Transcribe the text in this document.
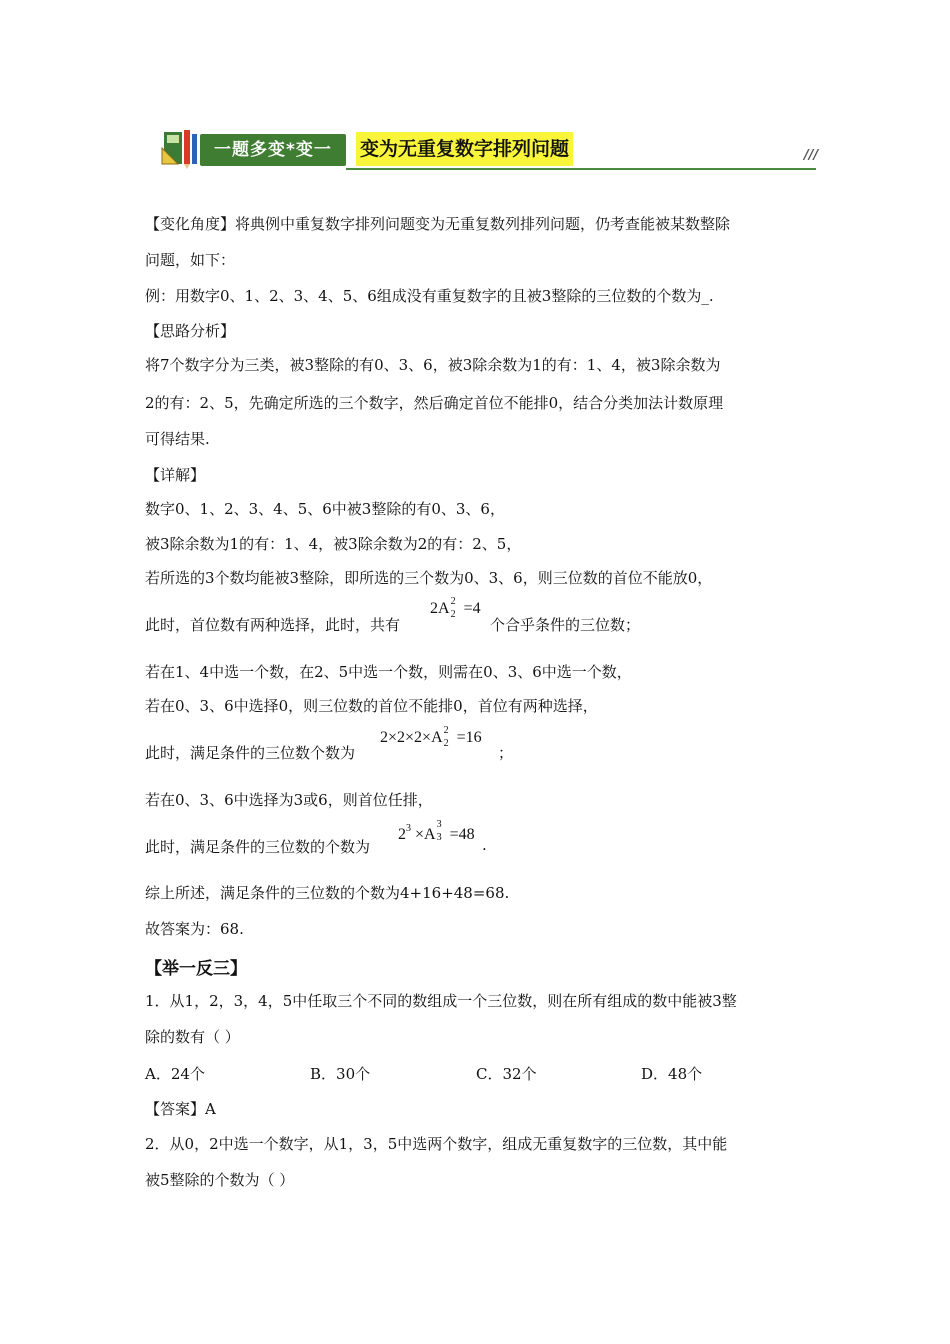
一题多变*变一	变为无重复数字排列问题	///
【变化角度】将典例中重复数字排列问题变为无重复数列排列问题，仍考查能被某数整除
问题，如下：
例：用数字0、1、2、3、4、5、6组成没有重复数字的且被3整除的三位数的个数为_.
【思路分析】
将7个数字分为三类，被3整除的有0、3、6，被3除余数为1的有：1、4，被3除余数为
2的有：2、5，先确定所选的三个数字，然后确定首位不能排0，结合分类加法计数原理
可得结果.
【详解】
数字0、1、2、3、4、5、6中被3整除的有0、3、6，
被3除余数为1的有：1、4，被3除余数为2的有：2、5，
若所选的3个数均能被3整除，即所选的三个数为0、3、6，则三位数的首位不能放0，
此时，首位数有两种选择，此时，共有
2A 2
2 =4
个合乎条件的三位数；
若在1、4中选一个数，在2、5中选一个数，则需在0、3、6中选一个数，
若在0、3、6中选择0，则三位数的首位不能排0，首位有两种选择，
此时，满足条件的三位数个数为
2×2×2×A 2
2 =16
；
若在0、3、6中选择为3或6，则首位任排，
此时，满足条件的三位数的个数为
$2^3 \times A$
3
3 =48
.
综上所述，满足条件的三位数的个数为4+16+48=68.
故答案为：68.
【举一反三】
1．从1，2，3，4，5中任取三个不同的数组成一个三位数，则在所有组成的数中能被3整
除的数有（ ）
A．24个	B．30个	C．32个	D．48个
【答案】A
2．从0，2中选一个数字，从1，3，5中选两个数字，组成无重复数字的三位数，其中能
被5整除的个数为（ ）
